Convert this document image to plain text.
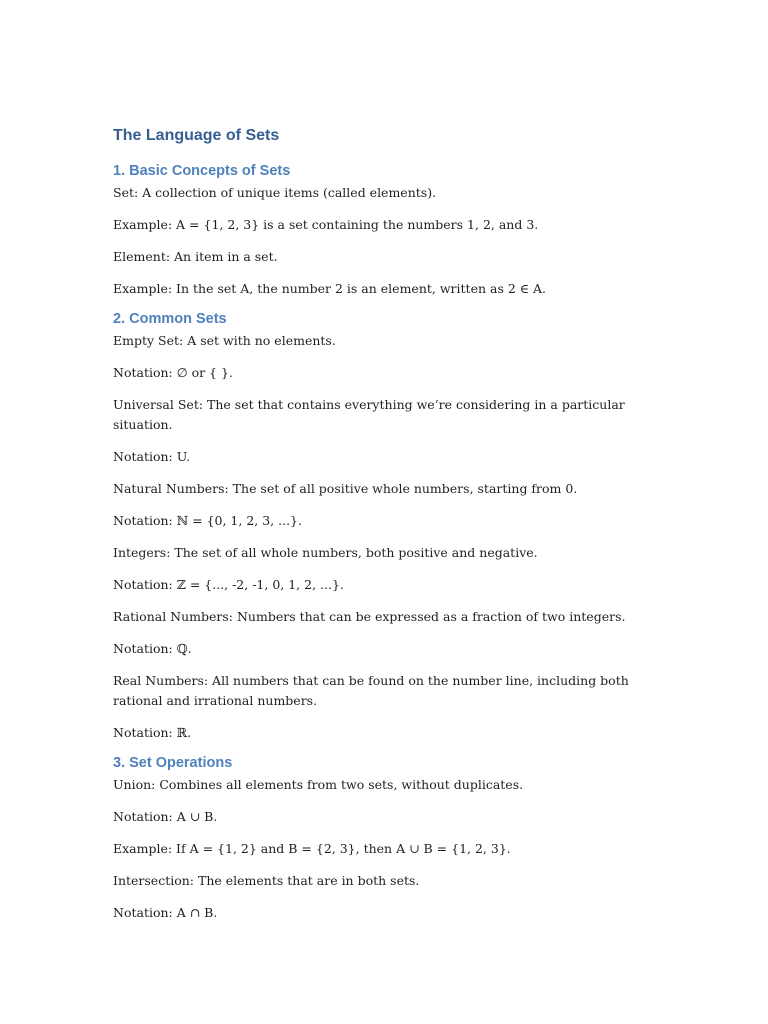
The Language of Sets
1. Basic Concepts of Sets

Set: A collection of unique items (called elements).

Example: A = {1, 2, 3} is a set containing the numbers 1, 2, and 3.

Element: An item in a set.

Example: In the set A, the number 2 is an element, written as 2 ∈ A.

2. Common Sets

Empty Set: A set with no elements.

Notation: ∅ or { }.

Universal Set: The set that contains everything we’re considering in a particular situation.

Notation: U.

Natural Numbers: The set of all positive whole numbers, starting from 0.

Notation: ℕ = {0, 1, 2, 3, ...}.

Integers: The set of all whole numbers, both positive and negative.

Notation: ℤ = {..., -2, -1, 0, 1, 2, ...}.

Rational Numbers: Numbers that can be expressed as a fraction of two integers.

Notation: ℚ.

Real Numbers: All numbers that can be found on the number line, including both rational and irrational numbers.

Notation: ℝ.

3. Set Operations

Union: Combines all elements from two sets, without duplicates.

Notation: A ∪ B.

Example: If A = {1, 2} and B = {2, 3}, then A ∪ B = {1, 2, 3}.

Intersection: The elements that are in both sets.

Notation: A ∩ B.
